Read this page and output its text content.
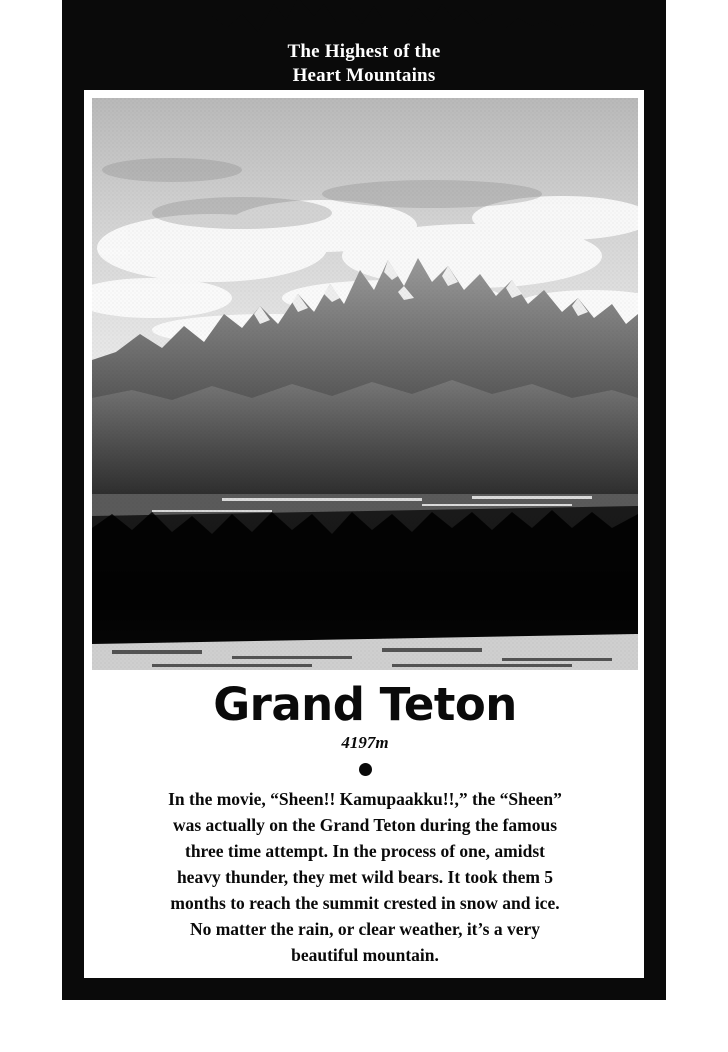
The Highest of the
Heart Mountains
Grand Teton
4197m

In the movie, “Sheen!! Kamupaakku!!,” the “Sheen”

was actually on the Grand Teton during the famous

three time attempt. In the process of one, amidst

heavy thunder, they met wild bears. It took them 5

months to reach the summit crested in snow and ice.

No matter the rain, or clear weather, it’s a very

beautiful mountain.
